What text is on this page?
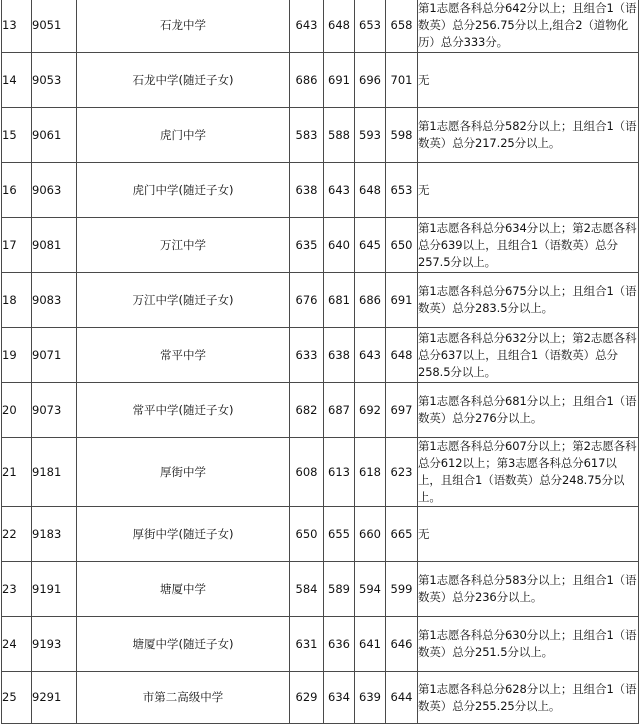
13	9051	石龙中学	643	648	653	658	第1志愿各科总分642分以上；且组合1（语数英）总分256.75分以上,组合2（道物化历）总分333分。
14	9053	石龙中学(随迁子女)	686	691	696	701	无
15	9061	虎门中学	583	588	593	598	第1志愿各科总分582分以上；且组合1（语数英）总分217.25分以上。
16	9063	虎门中学(随迁子女)	638	643	648	653	无
17	9081	万江中学	635	640	645	650	第1志愿各科总分634分以上；第2志愿各科总分639以上，且组合1（语数英）总分257.5分以上。
18	9083	万江中学(随迁子女)	676	681	686	691	第1志愿各科总分675分以上；且组合1（语数英）总分283.5分以上。
19	9071	常平中学	633	638	643	648	第1志愿各科总分632分以上；第2志愿各科总分637以上，且组合1（语数英）总分258.5分以上。
20	9073	常平中学(随迁子女)	682	687	692	697	第1志愿各科总分681分以上；且组合1（语数英）总分276分以上。
21	9181	厚街中学	608	613	618	623	第1志愿各科总分607分以上；第2志愿各科总分612以上；第3志愿各科总分617以上，且组合1（语数英）总分248.75分以上。
22	9183	厚街中学(随迁子女)	650	655	660	665	无
23	9191	塘厦中学	584	589	594	599	第1志愿各科总分583分以上；且组合1（语数英）总分236分以上。
24	9193	塘厦中学(随迁子女)	631	636	641	646	第1志愿各科总分630分以上；且组合1（语数英）总分251.5分以上。
25	9291	市第二高级中学	629	634	639	644	第1志愿各科总分628分以上；且组合1（语数英）总分255.25分以上。
